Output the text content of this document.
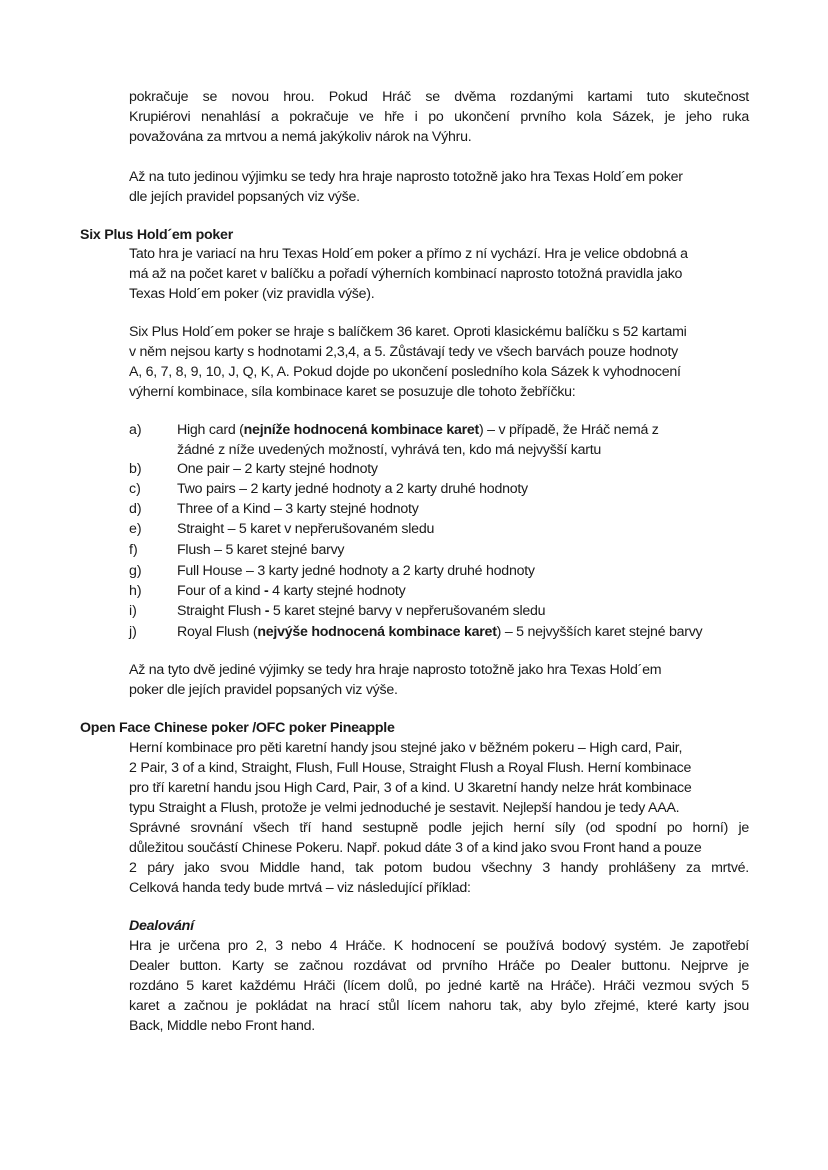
pokračuje se novou hrou. Pokud Hráč se dvěma rozdanými kartami tuto skutečnost
Krupiérovi nenahlásí a pokračuje ve hře i po ukončení prvního kola Sázek, je jeho ruka
považována za mrtvou a nemá jakýkoliv nárok na Výhru.
Až na tuto jedinou výjimku se tedy hra hraje naprosto totožně jako hra Texas Hold´em poker
dle jejích pravidel popsaných viz výše.
Six Plus Hold´em poker
Tato hra je variací na hru Texas Hold´em poker a přímo z ní vychází. Hra je velice obdobná a
má až na počet karet v balíčku a pořadí výherních kombinací naprosto totožná pravidla jako
Texas Hold´em poker (viz pravidla výše).
Six Plus Hold´em poker se hraje s balíčkem 36 karet. Oproti klasickému balíčku s 52 kartami
v něm nejsou karty s hodnotami 2,3,4, a 5. Zůstávají tedy ve všech barvách pouze hodnoty
A, 6, 7, 8, 9, 10, J, Q, K, A. Pokud dojde po ukončení posledního kola Sázek k vyhodnocení
výherní kombinace, síla kombinace karet se posuzuje dle tohoto žebříčku:
a) High card (nejníže hodnocená kombinace karet) – v případě, že Hráč nemá z
žádné z níže uvedených možností, vyhrává ten, kdo má nejvyšší kartu
b) One pair – 2 karty stejné hodnoty
c)	Two pairs – 2 karty jedné hodnoty a 2 karty druhé hodnoty
d) Three of a Kind – 3 karty stejné hodnoty
e) Straight – 5 karet v nepřerušovaném sledu
f)	Flush – 5 karet stejné barvy
g) Full House – 3 karty jedné hodnoty a 2 karty druhé hodnoty
h) Four of a kind - 4 karty stejné hodnoty
i)	Straight Flush - 5 karet stejné barvy v nepřerušovaném sledu
j)	Royal Flush (nejvýše hodnocená kombinace karet) – 5 nejvyšších karet stejné barvy
Až na tyto dvě jediné výjimky se tedy hra hraje naprosto totožně jako hra Texas Hold´em
poker dle jejích pravidel popsaných viz výše.
Open Face Chinese poker /OFC poker Pineapple
Herní kombinace pro pěti karetní handy jsou stejné jako v běžném pokeru – High card, Pair,
2 Pair, 3 of a kind, Straight, Flush, Full House, Straight Flush a Royal Flush. Herní kombinace
pro tří karetní handu jsou High Card, Pair, 3 of a kind. U 3karetní handy nelze hrát kombinace
typu Straight a Flush, protože je velmi jednoduché je sestavit. Nejlepší handou je tedy AAA.
Správné srovnání všech tří hand sestupně podle jejich herní síly (od spodní po horní) je
důležitou součástí Chinese Pokeru. Např. pokud dáte 3 of a kind jako svou Front hand a pouze
2 páry jako svou Middle hand, tak potom budou všechny 3 handy prohlášeny za mrtvé.
Celková handa tedy bude mrtvá – viz následující příklad:
Dealování
Hra je určena pro 2, 3 nebo 4 Hráče. K hodnocení se používá bodový systém. Je zapotřebí
Dealer button. Karty se začnou rozdávat od prvního Hráče po Dealer buttonu. Nejprve je
rozdáno 5 karet každému Hráči (lícem dolů, po jedné kartě na Hráče). Hráči vezmou svých 5
karet a začnou je pokládat na hrací stůl lícem nahoru tak, aby bylo zřejmé, které karty jsou
Back, Middle nebo Front hand.
